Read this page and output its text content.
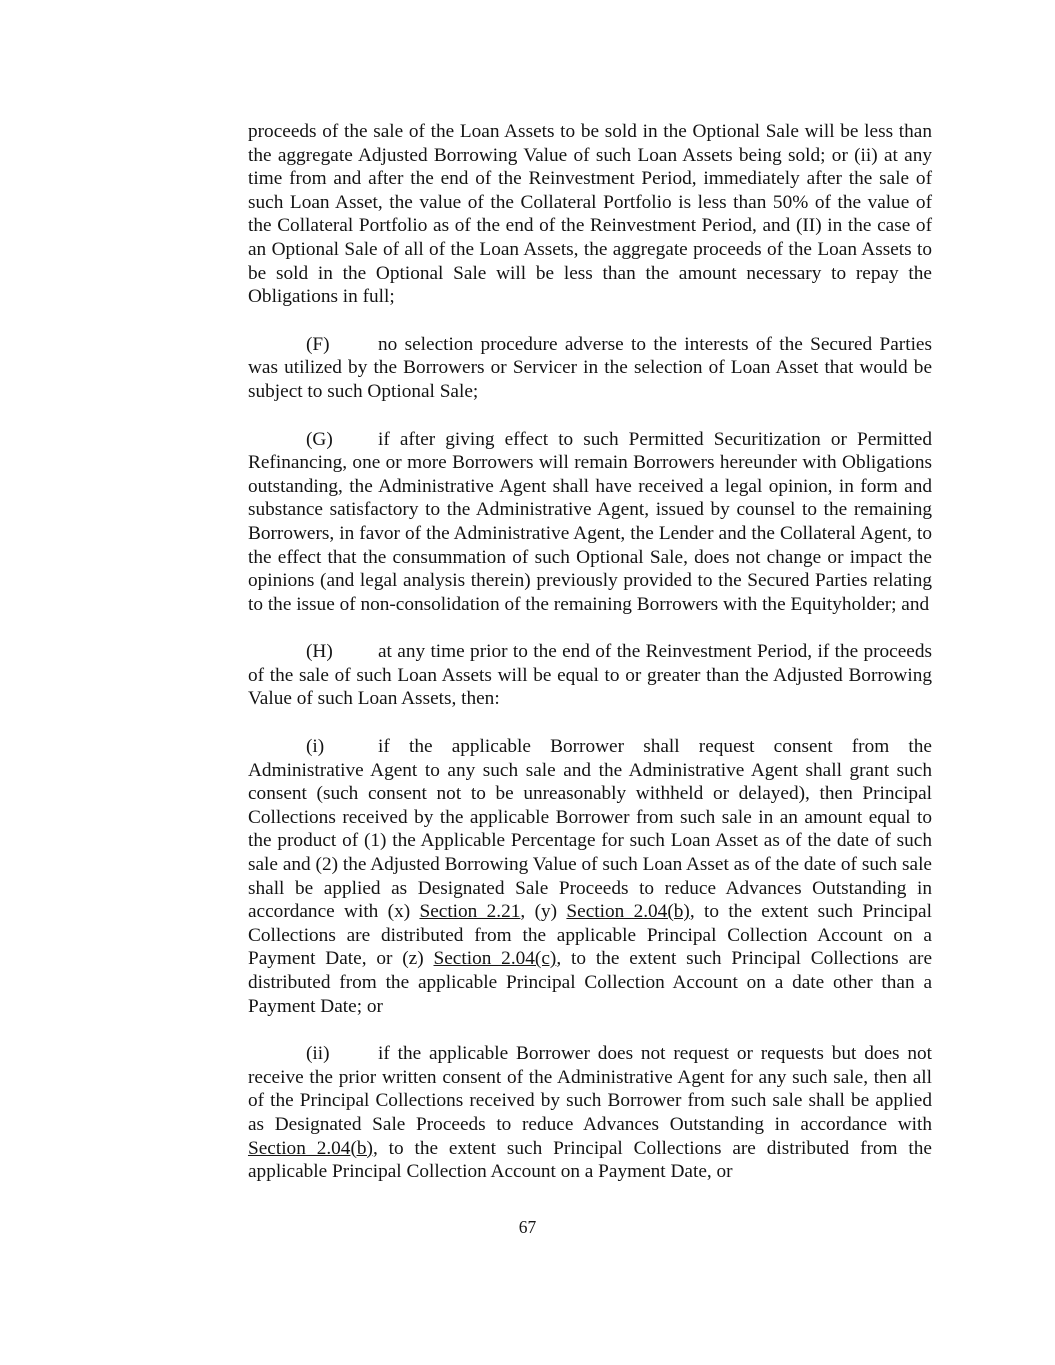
proceeds of the sale of the Loan Assets to be sold in the Optional Sale will be less than the aggregate Adjusted Borrowing Value of such Loan Assets being sold; or (ii) at any time from and after the end of the Reinvestment Period, immediately after the sale of such Loan Asset, the value of the Collateral Portfolio is less than 50% of the value of the Collateral Portfolio as of the end of the Reinvestment Period, and (II) in the case of an Optional Sale of all of the Loan Assets, the aggregate proceeds of the Loan Assets to be sold in the Optional Sale will be less than the amount necessary to repay the Obligations in full;

(F)	no selection procedure adverse to the interests of the Secured Parties was utilized by the Borrowers or Servicer in the selection of Loan Asset that would be subject to such Optional Sale;

(G) if after giving effect to such Permitted Securitization or Permitted Refinancing, one or more Borrowers will remain Borrowers hereunder with Obligations outstanding, the Administrative Agent shall have received a legal opinion, in form and substance satisfactory to the Administrative Agent, issued by counsel to the remaining Borrowers, in favor of the Administrative Agent, the Lender and the Collateral Agent, to the effect that the consummation of such Optional Sale, does not change or impact the opinions (and legal analysis therein) previously provided to the Secured Parties relating to the issue of non-consolidation of the remaining Borrowers with the Equityholder; and

(H) at any time prior to the end of the Reinvestment Period, if the proceeds of the sale of such Loan Assets will be equal to or greater than the Adjusted Borrowing Value of such Loan Assets, then:

(i)	if the applicable Borrower shall request consent from the Administrative Agent to any such sale and the Administrative Agent shall grant such consent (such consent not to be unreasonably withheld or delayed), then Principal Collections received by the applicable Borrower from such sale in an amount equal to the product of (1) the Applicable Percentage for such Loan Asset as of the date of such sale and (2) the Adjusted Borrowing Value of such Loan Asset as of the date of such sale shall be applied as Designated Sale Proceeds to reduce Advances Outstanding in accordance with (x) Section 2.21, (y) Section 2.04(b), to the extent such Principal Collections are distributed from the applicable Principal Collection Account on a Payment Date, or (z) Section 2.04(c), to the extent such Principal Collections are distributed from the applicable Principal Collection Account on a date other than a Payment Date; or

(ii)	if the applicable Borrower does not request or requests but does not receive the prior written consent of the Administrative Agent for any such sale, then all of the Principal Collections received by such Borrower from such sale shall be applied as Designated Sale Proceeds to reduce Advances Outstanding in accordance with Section 2.04(b), to the extent such Principal Collections are distributed from the applicable Principal Collection Account on a Payment Date, or

67
